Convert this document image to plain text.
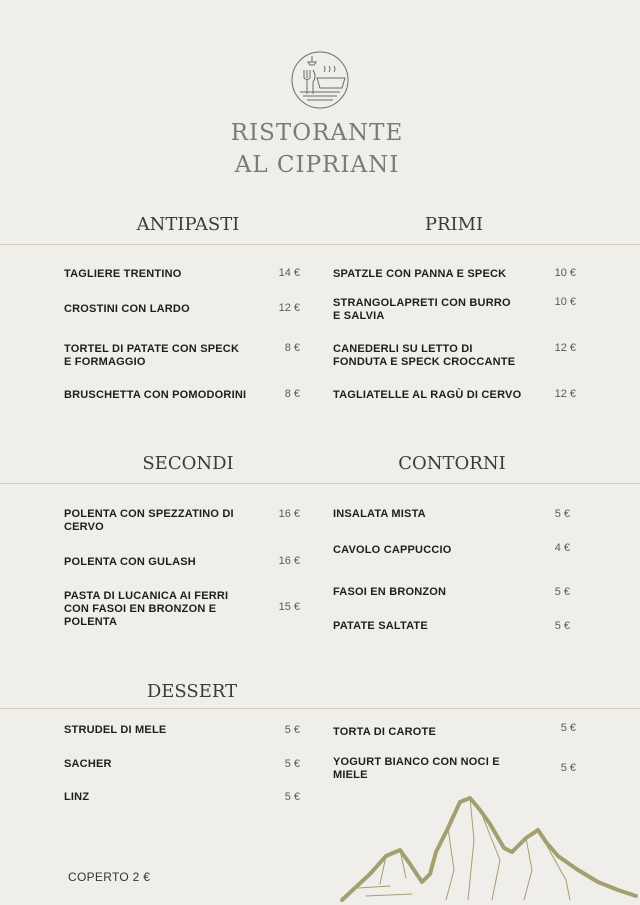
RISTORANTE
AL CIPRIANI
ANTIPASTI	PRIMI
TAGLIERE TRENTINO	14 €
CROSTINI CON LARDO	12 €
TORTEL DI PATATE CON SPECK
E FORMAGGIO
8 €
BRUSCHETTA CON POMODORINI	8 €
SPATZLE CON PANNA E SPECK	10 €
STRANGOLAPRETI CON BURRO
E SALVIA
10 €
CANEDERLI SU LETTO DI
FONDUTA E SPECK CROCCANTE
12 €
TAGLIATELLE AL RAGÙ DI CERVO	12 €
SECONDI	CONTORNI
POLENTA CON SPEZZATINO DI
CERVO
16 €
POLENTA CON GULASH	16 €
PASTA DI LUCANICA AI FERRI
CON FASOI EN BRONZON E
POLENTA
15 €
INSALATA MISTA	5 €
CAVOLO CAPPUCCIO	4 €
FASOI EN BRONZON	5 €
PATATE SALTATE	5 €
DESSERT
STRUDEL DI MELE	5 €
SACHER	5 €
LINZ	5 €
TORTA DI CAROTE	5 €
YOGURT BIANCO CON NOCI E
MIELE
5 €
COPERTO 2 €
